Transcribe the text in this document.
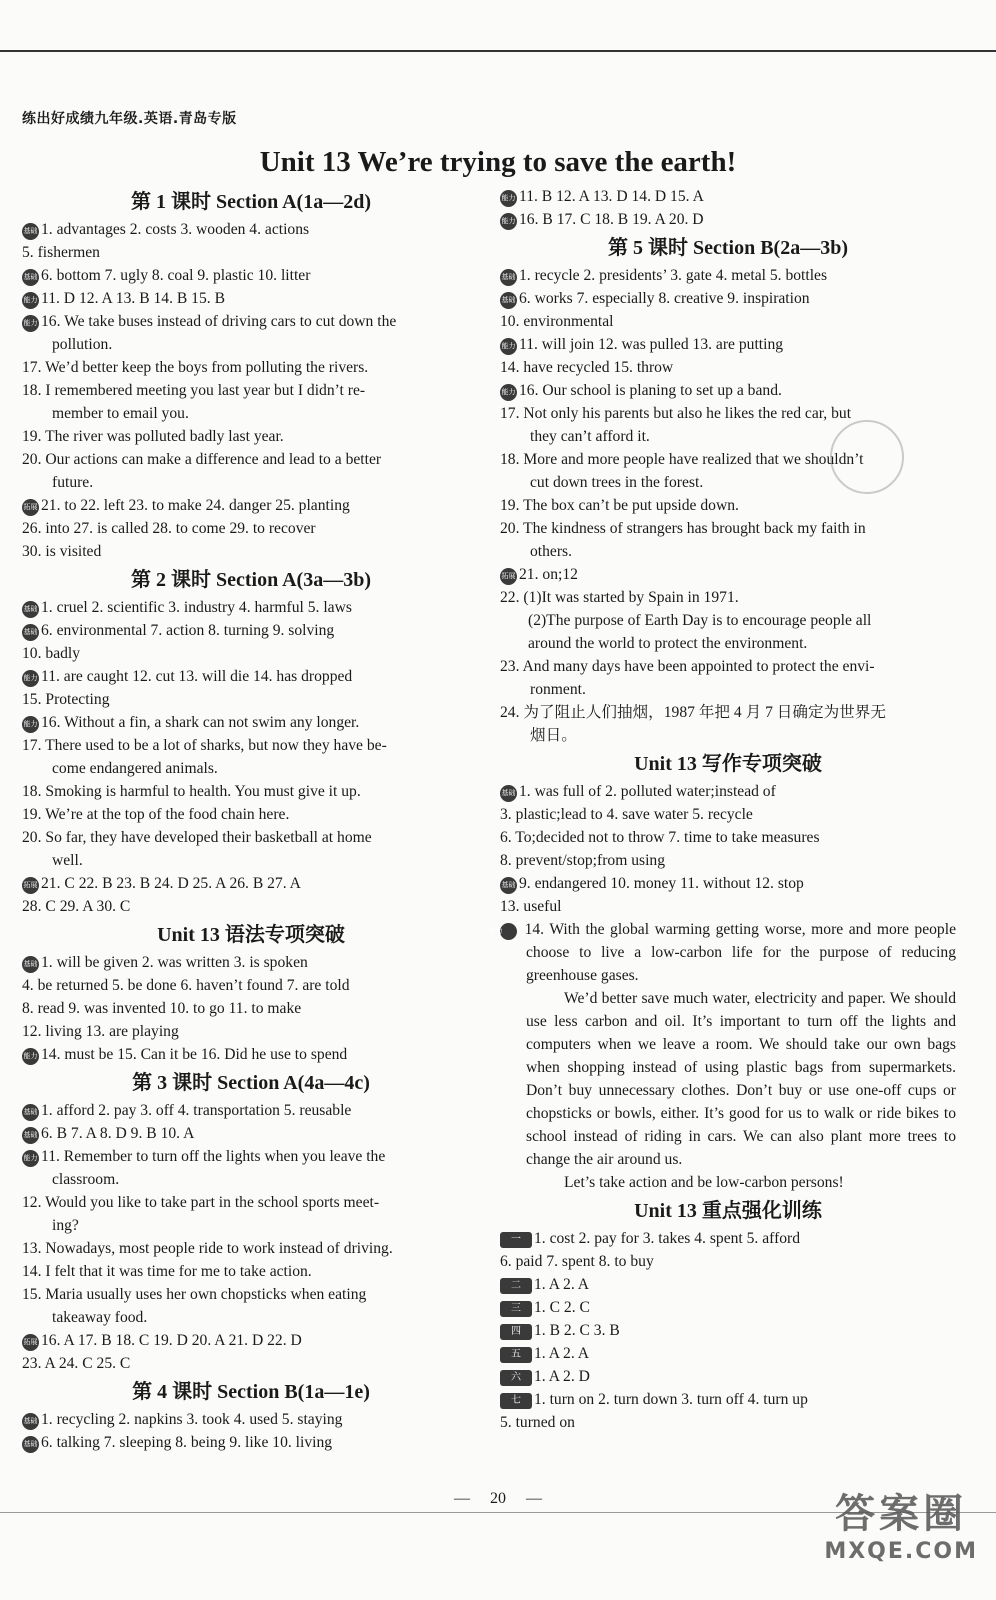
练出好成绩九年级.英语.青岛专版
Unit 13 We’re trying to save the earth!
第 1 课时 Section A(1a—2d)
基础 1. advantages 2. costs 3. wooden 4. actions
5. fishermen
基础 6. bottom 7. ugly 8. coal 9. plastic 10. litter
能力 11. D 12. A 13. B 14. B 15. B
能力 16. We take buses instead of driving cars to cut down the
pollution.
17. We’d better keep the boys from polluting the rivers.
18. I remembered meeting you last year but I didn’t re-
member to email you.
19. The river was polluted badly last year.
20. Our actions can make a difference and lead to a better
future.
拓展 21. to 22. left 23. to make 24. danger 25. planting
26. into 27. is called 28. to come 29. to recover
30. is visited
第 2 课时 Section A(3a—3b)
基础 1. cruel 2. scientific 3. industry 4. harmful 5. laws
基础 6. environmental 7. action 8. turning 9. solving
10. badly
能力 11. are caught 12. cut 13. will die 14. has dropped
15. Protecting
能力 16. Without a fin, a shark can not swim any longer.
17. There used to be a lot of sharks, but now they have be-
come endangered animals.
18. Smoking is harmful to health. You must give it up.
19. We’re at the top of the food chain here.
20. So far, they have developed their basketball at home
well.
拓展 21. C 22. B 23. B 24. D 25. A 26. B 27. A
28. C 29. A 30. C
Unit 13 语法专项突破
基础 1. will be given 2. was written 3. is spoken
4. be returned 5. be done 6. haven’t found 7. are told
8. read 9. was invented 10. to go 11. to make
12. living 13. are playing
能力 14. must be 15. Can it be 16. Did he use to spend
第 3 课时 Section A(4a—4c)
基础 1. afford 2. pay 3. off 4. transportation 5. reusable
基础 6. B 7. A 8. D 9. B 10. A
能力 11. Remember to turn off the lights when you leave the
classroom.
12. Would you like to take part in the school sports meet-
ing?
13. Nowadays, most people ride to work instead of driving.
14. I felt that it was time for me to take action.
15. Maria usually uses her own chopsticks when eating
takeaway food.
拓展 16. A 17. B 18. C 19. D 20. A 21. D 22. D
23. A 24. C 25. C
第 4 课时 Section B(1a—1e)
基础 1. recycling 2. napkins 3. took 4. used 5. staying
基础 6. talking 7. sleeping 8. being 9. like 10. living
能力 11. B 12. A 13. D 14. D 15. A
能力 16. B 17. C 18. B 19. A 20. D
第 5 课时 Section B(2a—3b)
基础 1. recycle 2. presidents’ 3. gate 4. metal 5. bottles
基础 6. works 7. especially 8. creative 9. inspiration
10. environmental
能力 11. will join 12. was pulled 13. are putting
14. have recycled 15. throw
能力 16. Our school is planing to set up a band.
17. Not only his parents but also he likes the red car, but
they can’t afford it.
18. More and more people have realized that we shouldn’t
cut down trees in the forest.
19. The box can’t be put upside down.
20. The kindness of strangers has brought back my faith in
others.
拓展 21. on;12
22. (1)It was started by Spain in 1971.
(2)The purpose of Earth Day is to encourage people all
around the world to protect the environment.
23. And many days have been appointed to protect the envi-
ronment.
24. 为了阻止人们抽烟，1987 年把 4 月 7 日确定为世界无
烟日。
Unit 13 写作专项突破
基础 1. was full of 2. polluted water;instead of
3. plastic;lead to 4. save water 5. recycle
6. To;decided not to throw 7. time to take measures
8. prevent/stop;from using
基础 9. endangered 10. money 11. without 12. stop
13. useful
能力 14. With the global warming getting worse, more and more people choose to live a low-carbon life for the purpose of reducing greenhouse gases.
We’d better save much water, electricity and paper. We should use less carbon and oil. It’s important to turn off the lights and computers when we leave a room. We should take our own bags when shopping instead of using plastic bags from supermarkets. Don’t buy unnecessary clothes. Don’t buy or use one-off cups or chopsticks or bowls, either. It’s good for us to walk or ride bikes to school instead of riding in cars. We can also plant more trees to change the air around us.
Let’s take action and be low-carbon persons!
Unit 13 重点强化训练
一 1. cost 2. pay for 3. takes 4. spent 5. afford
6. paid 7. spent 8. to buy
二 1. A 2. A
三 1. C 2. C
四 1. B 2. C 3. B
五 1. A 2. A
六 1. A 2. D
七 1. turn on 2. turn down 3. turn off 4. turn up
5. turned on
— 20 —	答案圈
MXQE.COM
